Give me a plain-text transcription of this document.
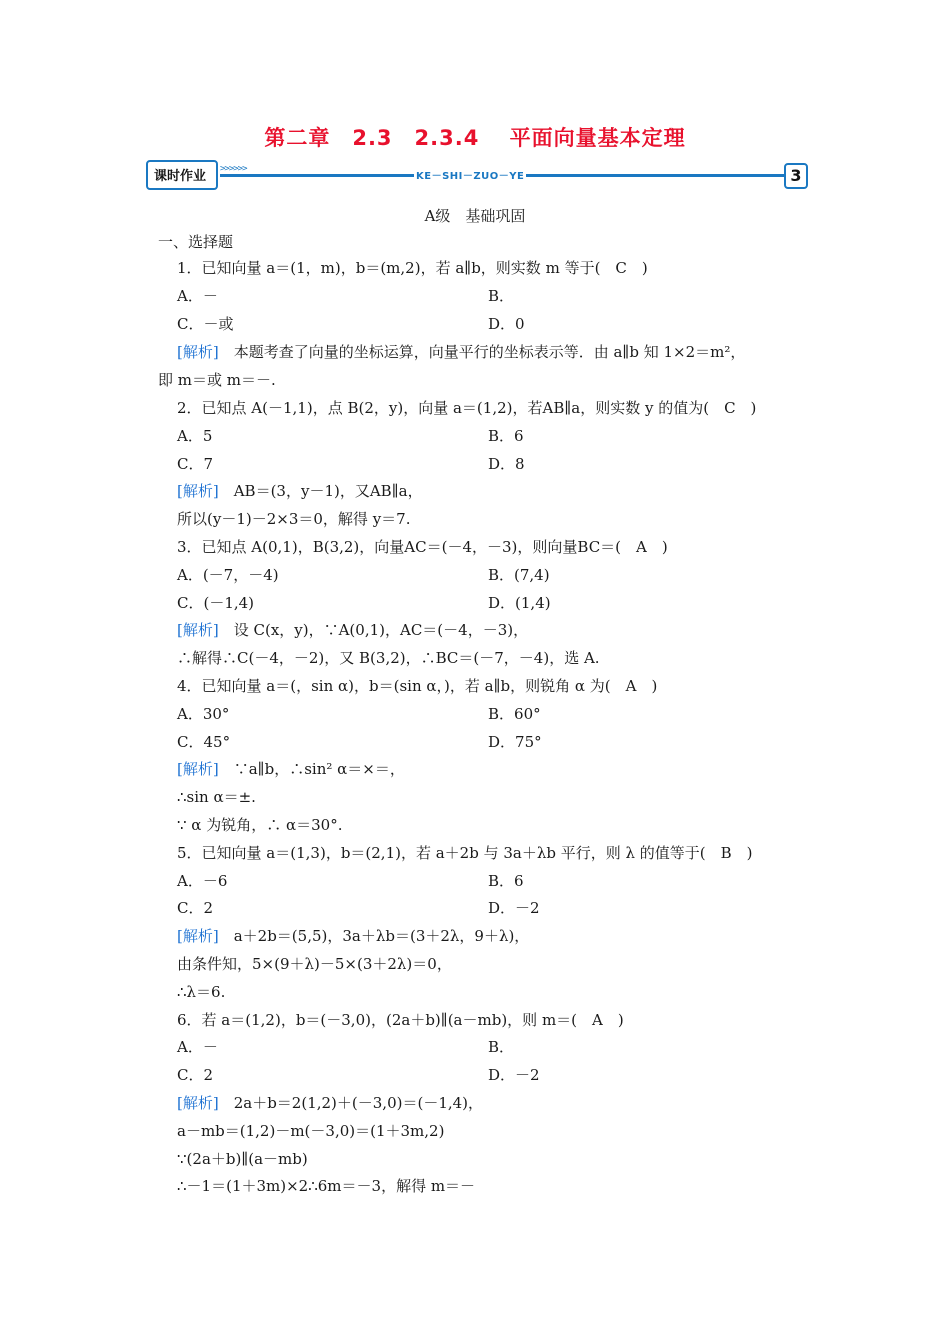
第二章　2.3　2.3.4　 平面向量基本定理
课时作业	>>>>>>
KE－SHI－ZUO－YE	3
A级　基础巩固
一、选择题
1．已知向量 a＝(1，m)，b＝(m,2)，若 a∥b，则实数 m 等于(　C　)
A．－	B．
C．－或	D．0
[解析]　本题考查了向量的坐标运算，向量平行的坐标表示等．由 a∥b 知 1×2＝m²，
即 m＝或 m＝－.
2．已知点 A(－1,1)，点 B(2，y)，向量 a＝(1,2)，若AB∥a，则实数 y 的值为(　C　)
A．5	B．6
C．7	D．8
[解析]　AB＝(3，y－1)，又AB∥a，
所以(y－1)－2×3＝0，解得 y＝7.
3．已知点 A(0,1)，B(3,2)，向量AC＝(－4，－3)，则向量BC＝(　A　)
A．(－7，－4)	B．(7,4)
C．(－1,4)	D．(1,4)
[解析]　设 C(x，y)，∵A(0,1)，AC＝(－4，－3)，
∴解得∴C(－4，－2)，又 B(3,2)，∴BC＝(－7，－4)，选 A.
4．已知向量 a＝(，sin α)，b＝(sin α，)，若 a∥b，则锐角 α 为(　A　)
A．30°	B．60°
C．45°	D．75°
[解析]　∵a∥b，∴sin² α＝×＝，
∴sin α＝±.
∵ α 为锐角，∴ α＝30°.
5．已知向量 a＝(1,3)，b＝(2,1)，若 a＋2b 与 3a＋λb 平行，则 λ 的值等于(　B　)
A．－6	B．6
C．2	D．－2
[解析]　a＋2b＝(5,5)，3a＋λb＝(3＋2λ，9＋λ)，
由条件知，5×(9＋λ)－5×(3＋2λ)＝0，
∴λ＝6.
6．若 a＝(1,2)，b＝(－3,0)，(2a＋b)∥(a－mb)，则 m＝(　A　)
A．－	B．
C．2	D．－2
[解析]　2a＋b＝2(1,2)＋(－3,0)＝(－1,4)，
a－mb＝(1,2)－m(－3,0)＝(1＋3m,2)
∵(2a＋b)∥(a－mb)
∴－1＝(1＋3m)×2∴6m＝－3，解得 m＝－
